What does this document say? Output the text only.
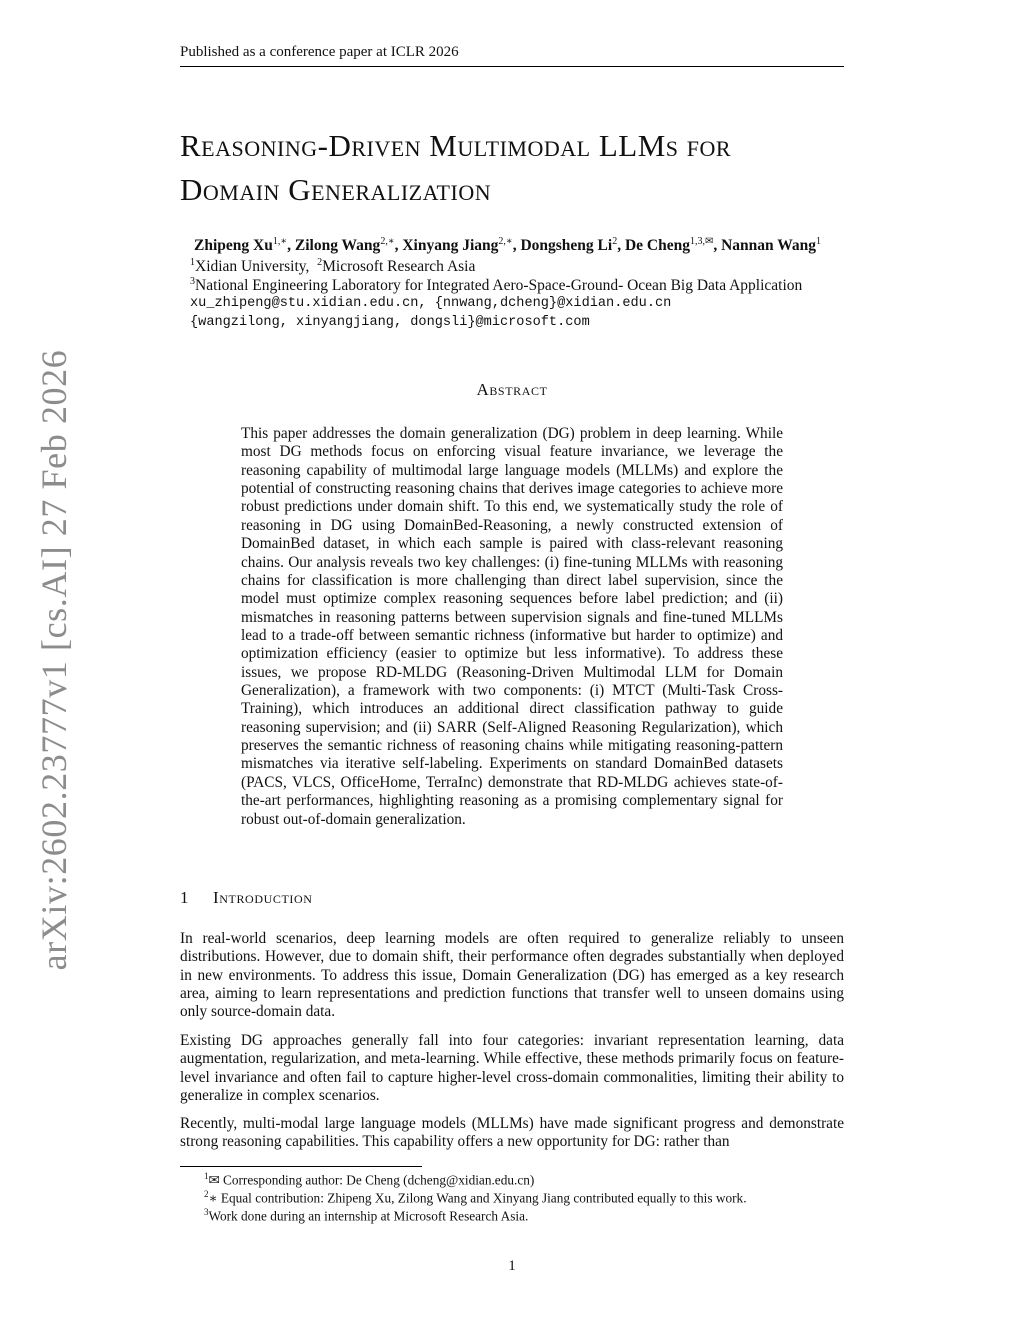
Published as a conference paper at ICLR 2026
arXiv:2602.23777v1 [cs.AI] 27 Feb 2026
Reasoning-Driven Multimodal LLMs for
Domain Generalization
Zhipeng $Xu^{1,∗}$, Zilong Wang$^{2,∗}$, Xinyang Jiang$^{2,∗}$, Dongsheng Li$^2$, De Cheng$^{1,3,✉}$, Nannan Wang$^1$
$^1$Xidian University, $^2$Microsoft Research Asia
$^3$National Engineering Laboratory for Integrated Aero-Space-Ground- Ocean Big Data Application
xu_zhipeng@stu.xidian.edu.cn, {nnwang,dcheng}@xidian.edu.cn
{wangzilong, xinyangjiang, dongsli}@microsoft.com
Abstract
This paper addresses the domain generalization (DG) problem in deep learning. While most DG methods focus on enforcing visual feature invariance, we leverage the reasoning capability of multimodal large language models (MLLMs) and explore the potential of constructing reasoning chains that derives image categories to achieve more robust predictions under domain shift. To this end, we systematically study the role of reasoning in DG using DomainBed-Reasoning, a newly constructed extension of DomainBed dataset, in which each sample is paired with class-relevant reasoning chains. Our analysis reveals two key challenges: (i) fine-tuning MLLMs with reasoning chains for classification is more challenging than direct label supervision, since the model must optimize complex reasoning sequences before label prediction; and (ii) mismatches in reasoning patterns between supervision signals and fine-tuned MLLMs lead to a trade-off between semantic richness (informative but harder to optimize) and optimization efficiency (easier to optimize but less informative). To address these issues, we propose RD-MLDG (Reasoning-Driven Multimodal LLM for Domain Generalization), a framework with two components: (i) MTCT (Multi-Task Cross-Training), which introduces an additional direct classification pathway to guide reasoning supervision; and (ii) SARR (Self-Aligned Reasoning Regularization), which preserves the semantic richness of reasoning chains while mitigating reasoning-pattern mismatches via iterative self-labeling. Experiments on standard DomainBed datasets (PACS, VLCS, OfficeHome, TerraInc) demonstrate that RD-MLDG achieves state-of-the-art performances, highlighting reasoning as a promising complementary signal for robust out-of-domain generalization.
1 Introduction
In real-world scenarios, deep learning models are often required to generalize reliably to unseen distributions. However, due to domain shift, their performance often degrades substantially when deployed in new environments. To address this issue, Domain Generalization (DG) has emerged as a key research area, aiming to learn representations and prediction functions that transfer well to unseen domains using only source-domain data.
Existing DG approaches generally fall into four categories: invariant representation learning, data augmentation, regularization, and meta-learning. While effective, these methods primarily focus on feature-level invariance and often fail to capture higher-level cross-domain commonalities, limiting their ability to generalize in complex scenarios.
Recently, multi-modal large language models (MLLMs) have made significant progress and demonstrate strong reasoning capabilities. This capability offers a new opportunity for DG: rather than
$^1$✉ Corresponding author: De Cheng (dcheng@xidian.edu.cn)
$^2$∗ Equal contribution: Zhipeng Xu, Zilong Wang and Xinyang Jiang contributed equally to this work.
$^3$Work done during an internship at Microsoft Research Asia.
1
